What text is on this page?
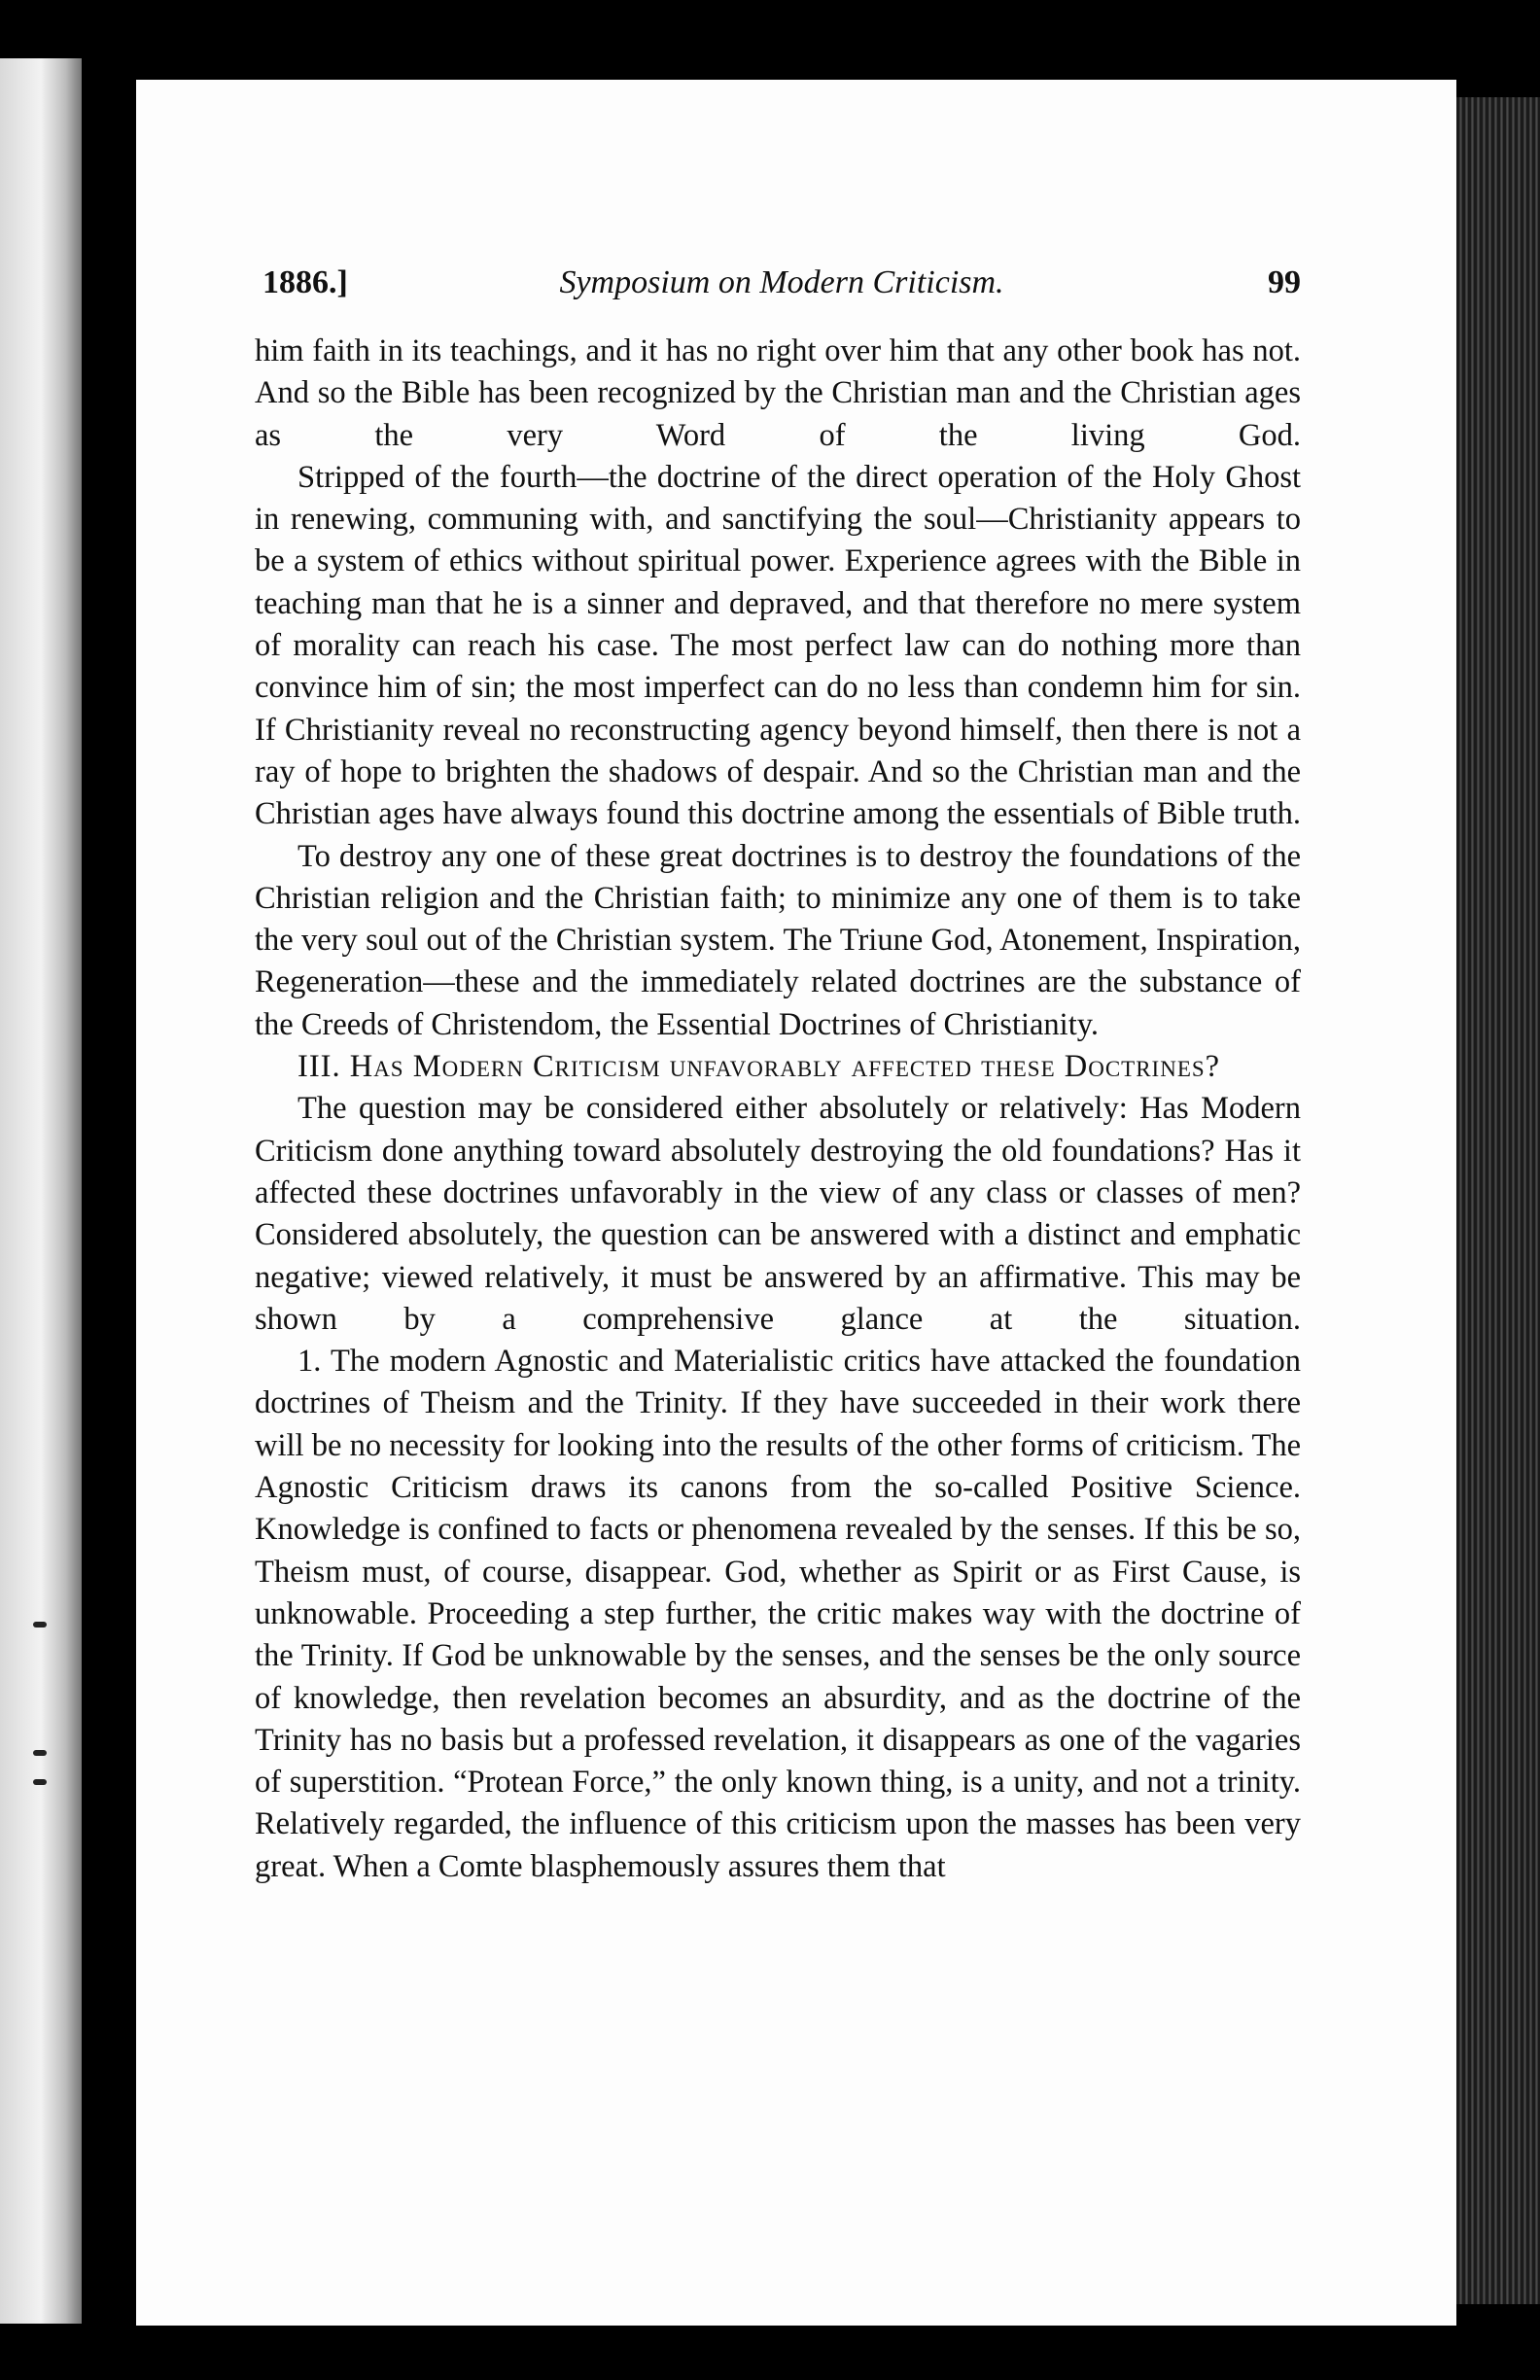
1886.]	Symposium on Modern Criticism.	99

him faith in its teachings, and it has no right over him that any other book has not. And so the Bible has been recognized by the Christian man and the Christian ages as the very Word of the living God.

Stripped of the fourth—the doctrine of the direct operation of the Holy Ghost in renewing, communing with, and sanctifying the soul—Christianity appears to be a system of ethics without spiritual power. Experience agrees with the Bible in teaching man that he is a sinner and depraved, and that therefore no mere system of morality can reach his case. The most perfect law can do nothing more than convince him of sin; the most imperfect can do no less than condemn him for sin. If Christianity reveal no reconstructing agency beyond himself, then there is not a ray of hope to brighten the shadows of despair. And so the Christian man and the Christian ages have always found this doctrine among the essentials of Bible truth.

To destroy any one of these great doctrines is to destroy the foundations of the Christian religion and the Christian faith; to minimize any one of them is to take the very soul out of the Christian system. The Triune God, Atonement, Inspiration, Regeneration—these and the immediately related doctrines are the substance of the Creeds of Christendom, the Essential Doctrines of Christianity.

III. Has Modern Criticism unfavorably affected these Doctrines?

The question may be considered either absolutely or relatively: Has Modern Criticism done anything toward absolutely destroying the old foundations? Has it affected these doctrines unfavorably in the view of any class or classes of men? Considered absolutely, the question can be answered with a distinct and emphatic negative; viewed relatively, it must be answered by an affirmative. This may be shown by a comprehensive glance at the situation.

1. The modern Agnostic and Materialistic critics have attacked the foundation doctrines of Theism and the Trinity. If they have succeeded in their work there will be no necessity for looking into the results of the other forms of criticism. The Agnostic Criticism draws its canons from the so-called Positive Science. Knowledge is confined to facts or phenomena revealed by the senses. If this be so, Theism must, of course, disappear. God, whether as Spirit or as First Cause, is unknowable. Proceeding a step further, the critic makes way with the doctrine of the Trinity. If God be unknowable by the senses, and the senses be the only source of knowledge, then revelation becomes an absurdity, and as the doctrine of the Trinity has no basis but a professed revelation, it disappears as one of the vagaries of superstition. “Protean Force,” the only known thing, is a unity, and not a trinity.

Relatively regarded, the influence of this criticism upon the masses has been very great. When a Comte blasphemously assures them that
